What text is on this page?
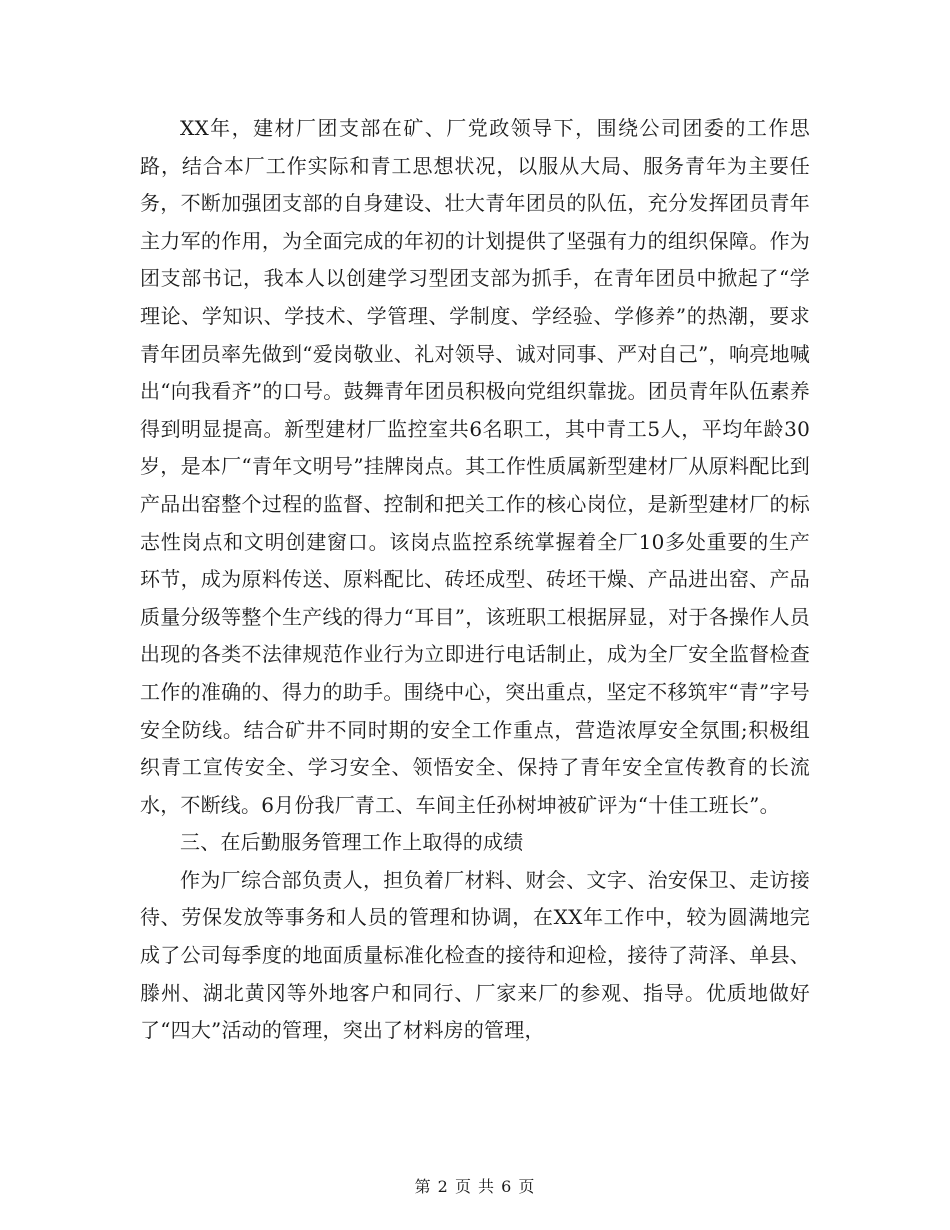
XX年，建材厂团支部在矿、厂党政领导下，围绕公司团委的工作思路，结合本厂工作实际和青工思想状况，以服从大局、服务青年为主要任务，不断加强团支部的自身建设、壮大青年团员的队伍，充分发挥团员青年主力军的作用，为全面完成的年初的计划提供了坚强有力的组织保障。作为团支部书记，我本人以创建学习型团支部为抓手，在青年团员中掀起了“学理论、学知识、学技术、学管理、学制度、学经验、学修养”的热潮，要求青年团员率先做到“爱岗敬业、礼对领导、诚对同事、严对自己”，响亮地喊出“向我看齐”的口号。鼓舞青年团员积极向党组织靠拢。团员青年队伍素养得到明显提高。新型建材厂监控室共6名职工，其中青工5人，平均年龄30岁，是本厂“青年文明号”挂牌岗点。其工作性质属新型建材厂从原料配比到产品出窑整个过程的监督、控制和把关工作的核心岗位，是新型建材厂的标志性岗点和文明创建窗口。该岗点监控系统掌握着全厂10多处重要的生产环节，成为原料传送、原料配比、砖坯成型、砖坯干燥、产品进出窑、产品质量分级等整个生产线的得力“耳目”，该班职工根据屏显，对于各操作人员出现的各类不法律规范作业行为立即进行电话制止，成为全厂安全监督检查工作的准确的、得力的助手。围绕中心，突出重点，坚定不移筑牢“青”字号安全防线。结合矿井不同时期的安全工作重点，营造浓厚安全氛围;积极组织青工宣传安全、学习安全、领悟安全、保持了青年安全宣传教育的长流水，不断线。6月份我厂青工、车间主任孙树坤被矿评为“十佳工班长”。

三、在后勤服务管理工作上取得的成绩

作为厂综合部负责人，担负着厂材料、财会、文字、治安保卫、走访接待、劳保发放等事务和人员的管理和协调，在XX年工作中，较为圆满地完成了公司每季度的地面质量标准化检查的接待和迎检，接待了菏泽、单县、滕州、湖北黄冈等外地客户和同行、厂家来厂的参观、指导。优质地做好了“四大”活动的管理，突出了材料房的管理，

第 2 页 共 6 页
